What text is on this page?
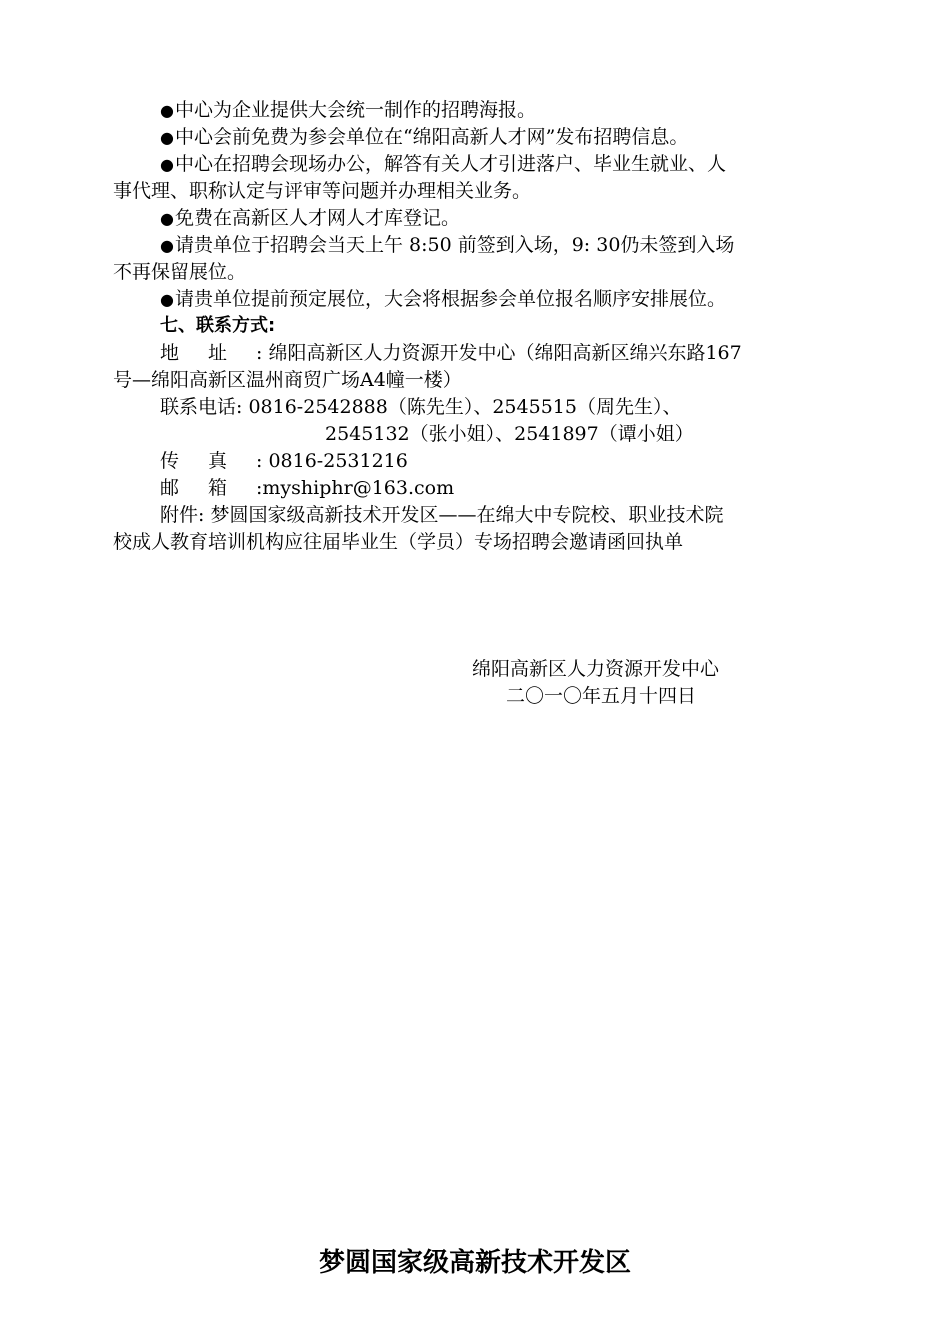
●中心为企业提供大会统一制作的招聘海报。
●中心会前免费为参会单位在“绵阳高新人才网”发布招聘信息。
●中心在招聘会现场办公，解答有关人才引进落户、毕业生就业、人
事代理、职称认定与评审等问题并办理相关业务。
●免费在高新区人才网人才库登记。
●请贵单位于招聘会当天上午 8:50 前签到入场，9: 30仍未签到入场
不再保留展位。
●请贵单位提前预定展位，大会将根据参会单位报名顺序安排展位。
七、联系方式:
地址: 绵阳高新区人力资源开发中心（绵阳高新区绵兴东路167
号—绵阳高新区温州商贸广场A4幢一楼）
联系电话: 0816-2542888（陈先生）、2545515（周先生）、
2545132（张小姐）、2541897（谭小姐）
传真: 0816-2531216
邮箱:myshiphr@163.com
附件: 梦圆国家级高新技术开发区——在绵大中专院校、职业技术院
校成人教育培训机构应往届毕业生（学员）专场招聘会邀请函回执单
绵阳高新区人力资源开发中心
二〇一〇年五月十四日
梦圆国家级高新技术开发区
